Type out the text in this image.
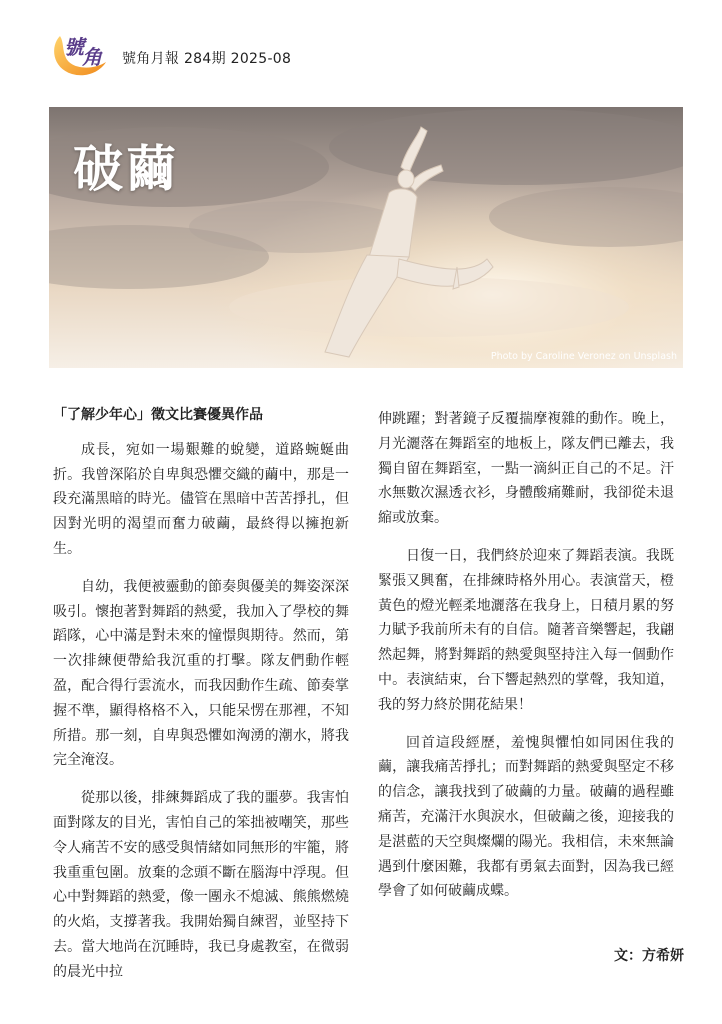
號
角 號角月報 284期 2025-08
破繭
Photo by Caroline Veronez on Unsplash
「了解少年心」徵文比賽優異作品

成長，宛如一場艱難的蛻變，道路蜿蜒曲折。我曾深陷於自卑與恐懼交織的繭中，那是一段充滿黑暗的時光。儘管在黑暗中苦苦掙扎，但因對光明的渴望而奮力破繭，最終得以擁抱新生。

自幼，我便被靈動的節奏與優美的舞姿深深吸引。懷抱著對舞蹈的熱愛，我加入了學校的舞蹈隊，心中滿是對未來的憧憬與期待。然而，第一次排練便帶給我沉重的打擊。隊友們動作輕盈，配合得行雲流水，而我因動作生疏、節奏掌握不準，顯得格格不入，只能呆愣在那裡，不知所措。那一刻，自卑與恐懼如洶湧的潮水，將我完全淹沒。

從那以後，排練舞蹈成了我的噩夢。我害怕面對隊友的目光，害怕自己的笨拙被嘲笑，那些令人痛苦不安的感受與情緒如同無形的牢籠，將我重重包圍。放棄的念頭不斷在腦海中浮現。但心中對舞蹈的熱愛，像一團永不熄滅、熊熊燃燒的火焰，支撐著我。我開始獨自練習，並堅持下去。當大地尚在沉睡時，我已身處教室，在微弱的晨光中拉

伸跳躍；對著鏡子反覆揣摩複雜的動作。晚上，月光灑落在舞蹈室的地板上，隊友們已離去，我獨自留在舞蹈室，一點一滴糾正自己的不足。汗水無數次濕透衣衫，身體酸痛難耐，我卻從未退縮或放棄。

日復一日，我們終於迎來了舞蹈表演。我既緊張又興奮，在排練時格外用心。表演當天，橙黃色的燈光輕柔地灑落在我身上，日積月累的努力賦予我前所未有的自信。隨著音樂響起，我翩然起舞，將對舞蹈的熱愛與堅持注入每一個動作中。表演結束，台下響起熱烈的掌聲，我知道，我的努力終於開花結果！

回首這段經歷，羞愧與懼怕如同困住我的繭，讓我痛苦掙扎；而對舞蹈的熱愛與堅定不移的信念，讓我找到了破繭的力量。破繭的過程雖痛苦，充滿汗水與淚水，但破繭之後，迎接我的是湛藍的天空與燦爛的陽光。我相信，未來無論遇到什麼困難，我都有勇氣去面對，因為我已經學會了如何破繭成蝶。

文：方希妍
